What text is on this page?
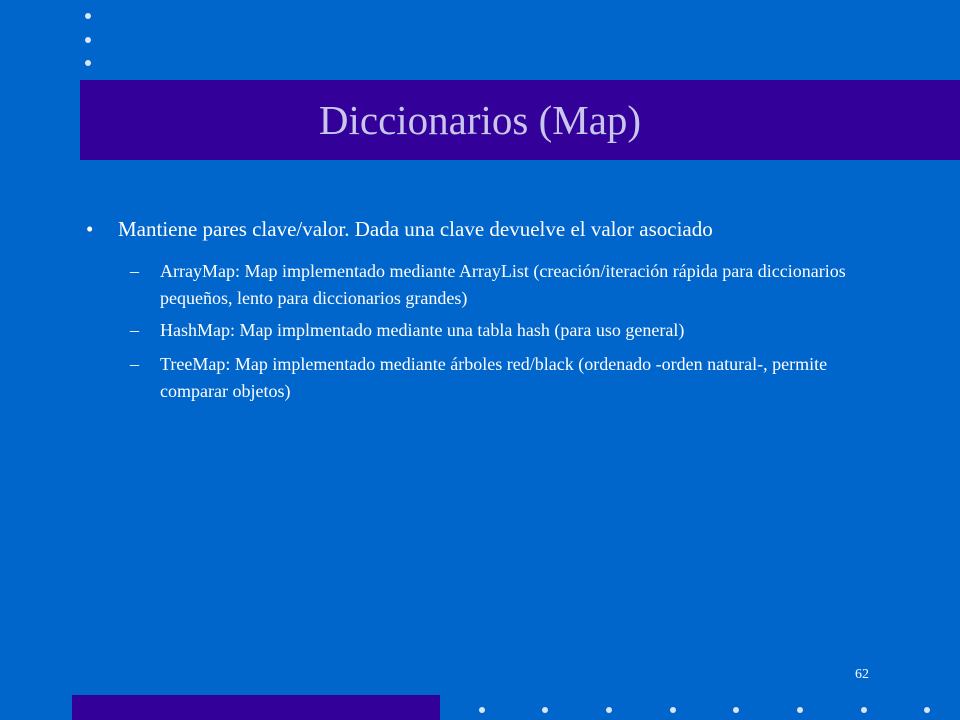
Diccionarios (Map)
• Mantiene pares clave/valor. Dada una clave devuelve el valor asociado
–	ArrayMap: Map implementado mediante ArrayList (creación/iteración rápida para diccionarios pequeños, lento para diccionarios grandes)
–	HashMap: Map implmentado mediante una tabla hash (para uso general)
–	TreeMap: Map implementado mediante árboles red/black (ordenado -orden natural-, permite comparar objetos)
62
